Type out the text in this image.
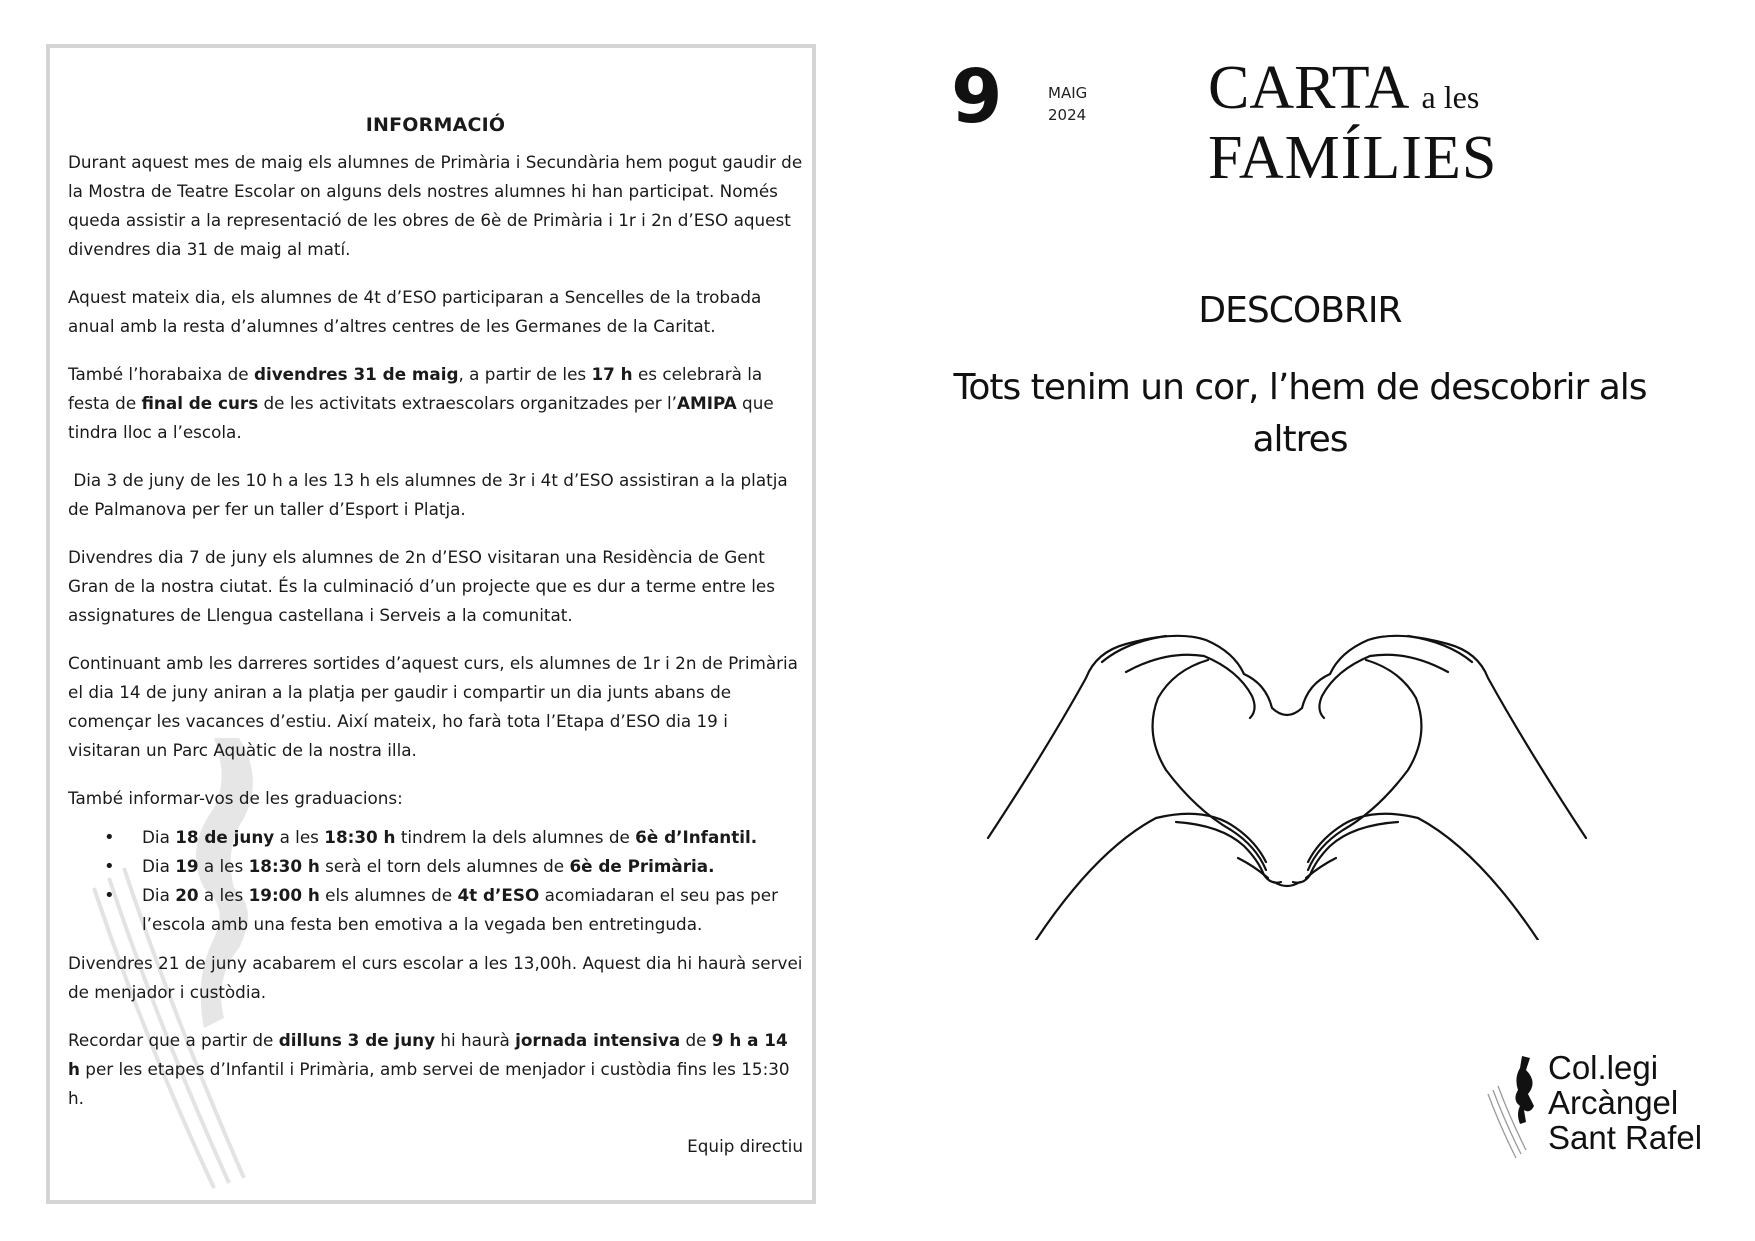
INFORMACIÓ

Durant aquest mes de maig els alumnes de Primària i Secundària hem pogut gaudir de la Mostra de Teatre Escolar on alguns dels nostres alumnes hi han participat. Només queda assistir a la representació de les obres de 6è de Primària i 1r i 2n d’ESO aquest divendres dia 31 de maig al matí.

Aquest mateix dia, els alumnes de 4t d’ESO participaran a Sencelles de la trobada anual amb la resta d’alumnes d’altres centres de les Germanes de la Caritat.

També l’horabaixa de divendres 31 de maig, a partir de les 17 h es celebrarà la festa de final de curs de les activitats extraescolars organitzades per l’AMIPA que tindra lloc a l’escola.

Dia 3 de juny de les 10 h a les 13 h els alumnes de 3r i 4t d’ESO assistiran a la platja de Palmanova per fer un taller d’Esport i Platja.

Divendres dia 7 de juny els alumnes de 2n d’ESO visitaran una Residència de Gent Gran de la nostra ciutat. És la culminació d’un projecte que es dur a terme entre les assignatures de Llengua castellana i Serveis a la comunitat.

Continuant amb les darreres sortides d’aquest curs, els alumnes de 1r i 2n de Primària el dia 14 de juny aniran a la platja per gaudir i compartir un dia junts abans de començar les vacances d’estiu. Així mateix, ho farà tota l’Etapa d’ESO dia 19 i visitaran un Parc Aquàtic de la nostra illa.

També informar-vos de les graduacions:

• Dia 18 de juny a les 18:30 h tindrem la dels alumnes de 6è d’Infantil.
• Dia 19 a les 18:30 h serà el torn dels alumnes de 6è de Primària.
• Dia 20 a les 19:00 h els alumnes de 4t d’ESO acomiadaran el seu pas per l’escola amb una festa ben emotiva a la vegada ben entretinguda.

Divendres 21 de juny acabarem el curs escolar a les 13,00h. Aquest dia hi haurà servei de menjador i custòdia.

Recordar que a partir de dilluns 3 de juny hi haurà jornada intensiva de 9 h a 14 h per les etapes d’Infantil i Primària, amb servei de menjador i custòdia fins les 15:30 h.

Equip directiu
9	MAIG
2024 CARTA a les
FAMÍLIES
DESCOBRIR
Tots tenim un cor, l’hem de descobrir als
altres
Col.legi
Arcàngel
Sant Rafel
